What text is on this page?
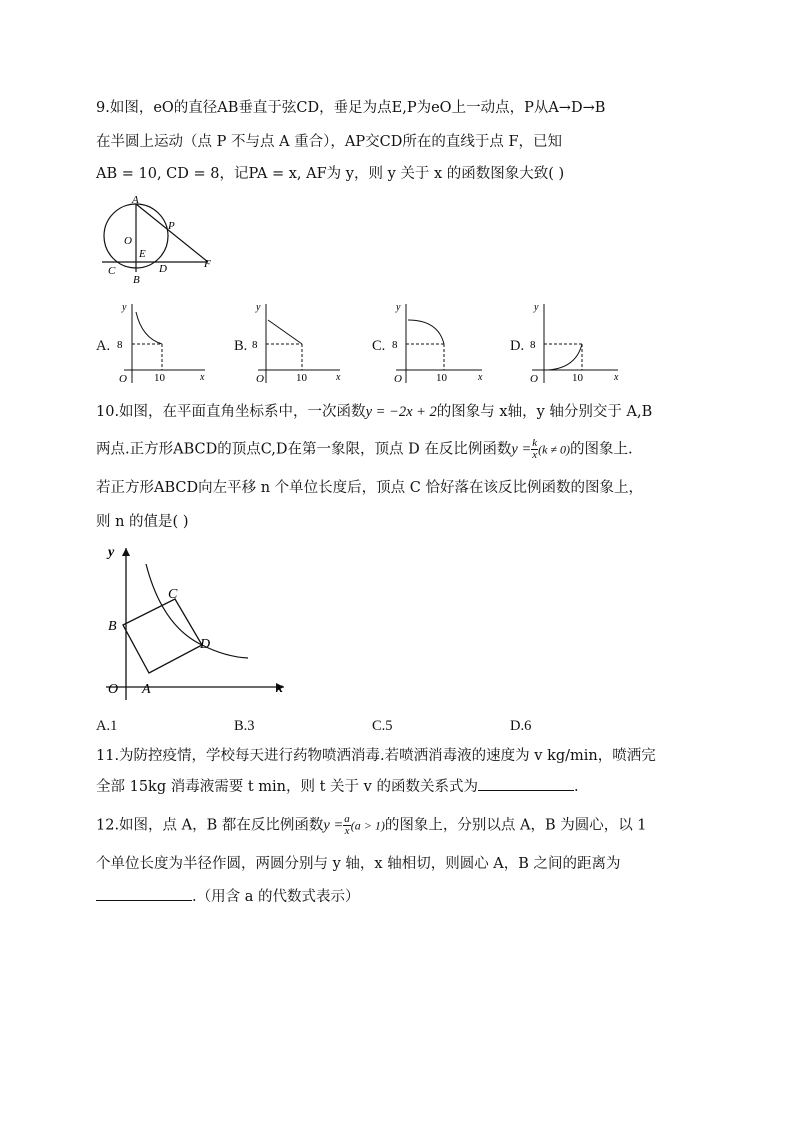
9.如图，eO的直径AB垂直于弦CD，垂足为点E,P为eO上一动点，P从A→D→B
在半圆上运动（点 P 不与点 A 重合），AP交CD所在的直线于点 F，已知
AB = 10, CD = 8，记PA = x, AF为 y，则 y 关于 x 的函数图象大致( )
A
P
O
E
C	D
B
F
A. 8
10
O	x
y
B. 8
10
O	x
y
C. 8
10
O	x
y
D. 8
10
O	x
y
10.如图，在平面直角坐标系中，一次函数y = −2x + 2的图象与 x轴，y 轴分别交于 A,B
两点.正方形ABCD的顶点C,D在第一象限，顶点 D 在反比例函数$y = \frac{k}{x} (k \ne 0)$的图象上.
若正方形ABCD向左平移 n 个单位长度后，顶点 C 恰好落在该反比例函数的图象上，
则 n 的值是( )
y
C
B
D
O A	x
A.1	B.3	C.5	D.6
11.为防控疫情，学校每天进行药物喷洒消毒.若喷洒消毒液的速度为 v kg/min，喷洒完
全部 15kg 消毒液需要 t min，则 t 关于 v 的函数关系式为	.
12.如图，点 A，B 都在反比例函数$y = \frac{a}{x} (a > 1)$的图象上，分别以点 A，B 为圆心，以 1
个单位长度为半径作圆，两圆分别与 y 轴，x 轴相切，则圆心 A，B 之间的距离为
.（用含 a 的代数式表示）
